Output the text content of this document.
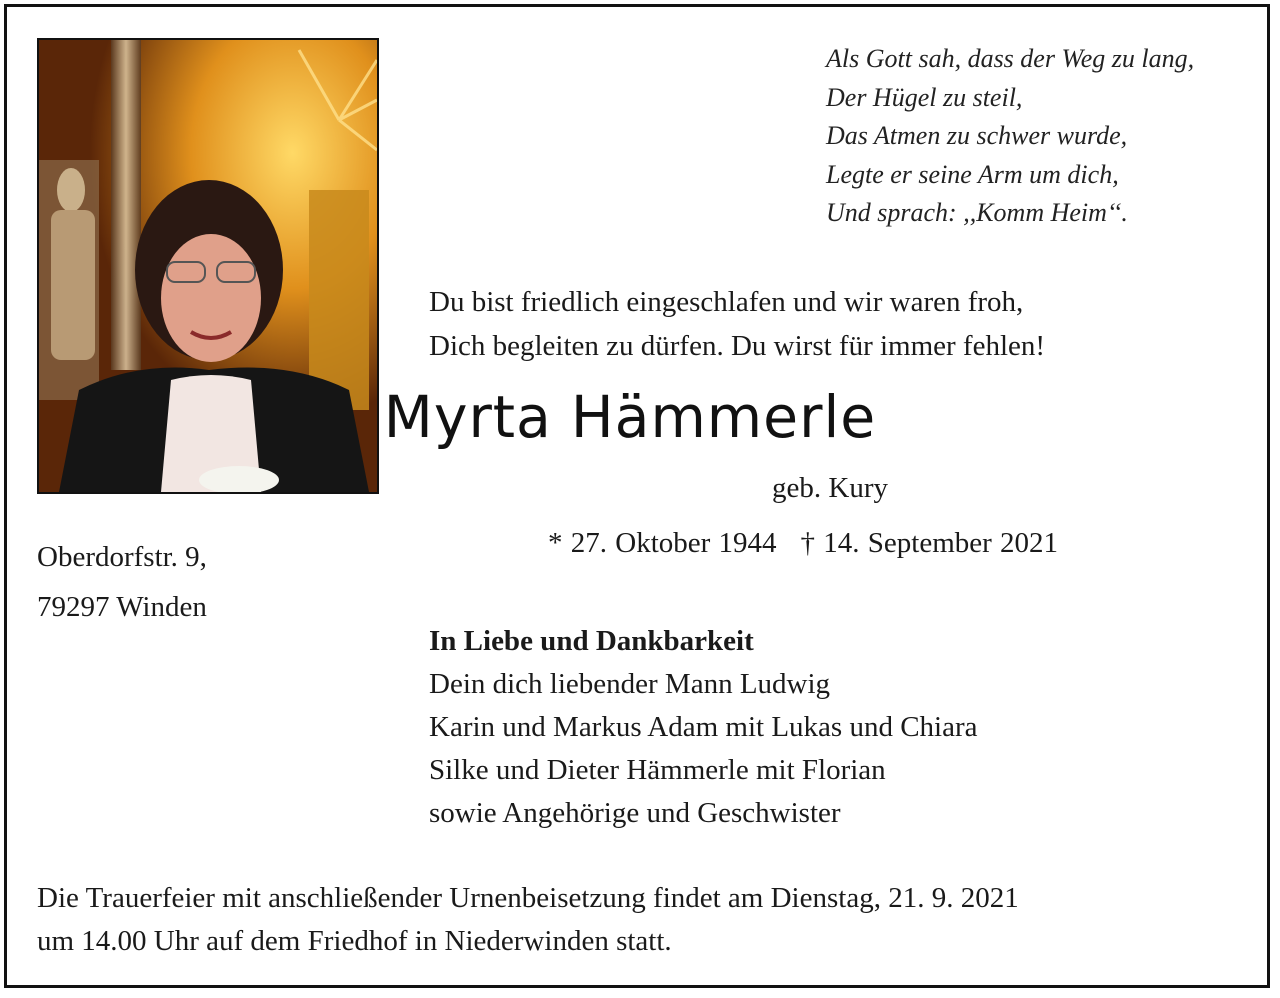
Als Gott sah, dass der Weg zu lang,
Der Hügel zu steil,
Das Atmen zu schwer wurde,
Legte er seine Arm um dich,
Und sprach: ,,Komm Heim‘‘.
Du bist friedlich eingeschlafen und wir waren froh,
Dich begleiten zu dürfen. Du wirst für immer fehlen!
Myrta Hämmerle
geb. Kury
* 27. Oktober 1944 † 14. September 2021
Oberdorfstr. 9,
79297 Winden
In Liebe und Dankbarkeit
Dein dich liebender Mann Ludwig
Karin und Markus Adam mit Lukas und Chiara
Silke und Dieter Hämmerle mit Florian
sowie Angehörige und Geschwister
Die Trauerfeier mit anschließender Urnenbeisetzung findet am Dienstag, 21. 9. 2021
um 14.00 Uhr auf dem Friedhof in Niederwinden statt.
